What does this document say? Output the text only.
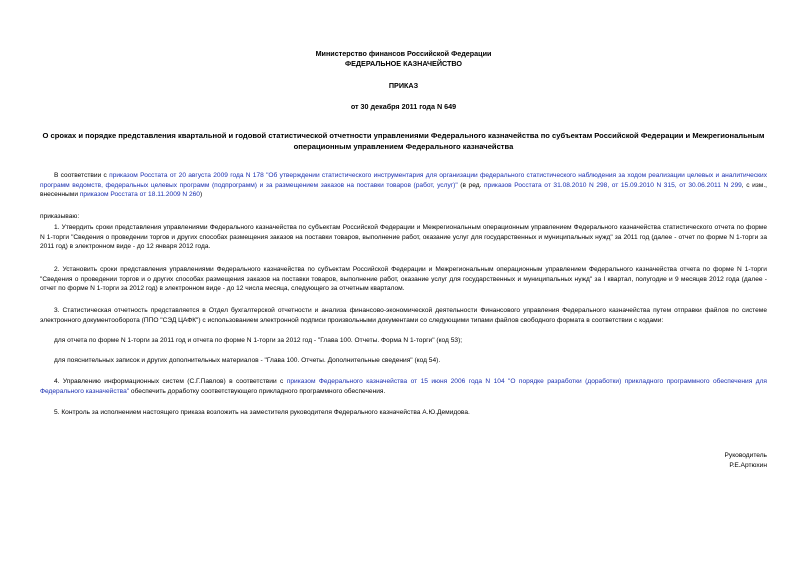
Министерство финансов Российской Федерации
ФЕДЕРАЛЬНОЕ КАЗНАЧЕЙСТВО
ПРИКАЗ
от 30 декабря 2011 года N 649
О сроках и порядке представления квартальной и годовой статистической отчетности управлениями Федерального казначейства по субъектам Российской Федерации и Межрегиональным операционным управлением Федерального казначейства
В соответствии с приказом Росстата от 20 августа 2009 года N 178 "Об утверждении статистического инструментария для организации федерального статистического наблюдения за ходом реализации целевых и аналитических программ ведомств, федеральных целевых программ (подпрограмм) и за размещением заказов на поставки товаров (работ, услуг)" (в ред. приказов Росстата от 31.08.2010 N 298, от 15.09.2010 N 315, от 30.06.2011 N 299, с изм., внесенными приказом Росстата от 18.11.2009 N 260)
приказываю:
1. Утвердить сроки представления управлениями Федерального казначейства по субъектам Российской Федерации и Межрегиональным операционным управлением Федерального казначейства статистического отчета по форме N 1-торги "Сведения о проведении торгов и других способах размещения заказов на поставки товаров, выполнение работ, оказание услуг для государственных и муниципальных нужд" за 2011 год (далее - отчет по форме N 1-торги за 2011 год) в электронном виде - до 12 января 2012 года.
2. Установить сроки представления управлениями Федерального казначейства по субъектам Российской Федерации и Межрегиональным операционным управлением Федерального казначейства отчета по форме N 1-торги "Сведения о проведении торгов и о других способах размещения заказов на поставки товаров, выполнение работ, оказание услуг для государственных и муниципальных нужд" за I квартал, полугодие и 9 месяцев 2012 года (далее - отчет по форме N 1-торги за 2012 год) в электронном виде - до 12 числа месяца, следующего за отчетным кварталом.
3. Статистическая отчетность представляется в Отдел бухгалтерской отчетности и анализа финансово-экономической деятельности Финансового управления Федерального казначейства путем отправки файлов по системе электронного документооборота (ППО "СЭД ЦАФК") с использованием электронной подписи произвольными документами со следующими типами файлов свободного формата в соответствии с кодами:
для отчета по форме N 1-торги за 2011 год и отчета по форме N 1-торги за 2012 год - "Глава 100. Отчеты. Форма N 1-торги" (код 53);
для пояснительных записок и других дополнительных материалов - "Глава 100. Отчеты. Дополнительные сведения" (код 54).
4. Управлению информационных систем (С.Г.Павлов) в соответствии с приказом Федерального казначейства от 15 июня 2006 года N 104 "О порядке разработки (доработки) прикладного программного обеспечения для Федерального казначейства" обеспечить доработку соответствующего прикладного программного обеспечения.
5. Контроль за исполнением настоящего приказа возложить на заместителя руководителя Федерального казначейства А.Ю.Демидова.
Руководитель
Р.Е.Артюхин
